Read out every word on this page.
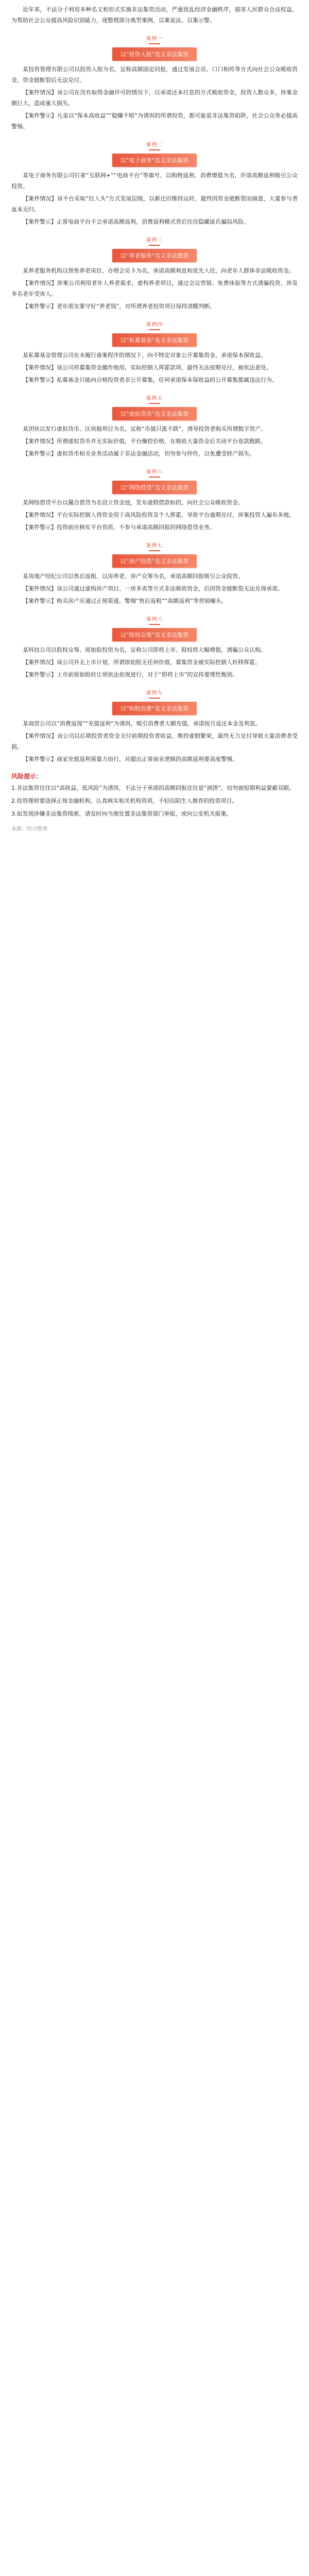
近年来，不法分子利用多种名义和形式实施非法集资活动，严重扰乱经济金融秩序，损害人民群众合法权益。为帮助社会公众提高风险识别能力，现整理部分典型案例，以案说法、以案示警。

案例一
以“投资入股”名义非法集资

某投资管理有限公司以投资入股为名，宣称高额固定回报，通过发展会员、口口相传等方式向社会公众吸收资金，资金链断裂后无法兑付。

【案件情况】该公司在没有取得金融许可的情况下，以承诺还本付息的方式吸收资金，投资人数众多，涉案金额巨大，造成重大损失。

【案件警示】凡是以“保本高收益”“稳赚不赔”为诱饵的所谓投资，都可能是非法集资陷阱，社会公众务必提高警惕。

案例二
以“电子商务”名义非法集资

某电子商务有限公司打着“互联网+”“电商平台”等旗号，以购物返利、消费增值为名，许诺高额返利吸引公众投资。

【案件情况】该平台采取“拉人头”方式发展层级，以新还旧维持运转，最终因资金链断裂而崩盘，大量参与者血本无归。

【案件警示】正常电商平台不会承诺高额返利，消费返利模式背后往往隐藏庞氏骗局风险。

案例三
以“养老服务”名义非法集资

某养老服务机构以预售养老床位、办理会员卡为名，承诺高额利息和优先入住，向老年人群体非法吸收资金。

【案件情况】涉案公司利用老年人养老需求，虚构养老项目，通过会议营销、免费体验等方式诱骗投资，涉及多名老年受害人。

【案件警示】老年朋友要守好“养老钱”，对所谓养老投资项目保持清醒判断。

案例四
以“私募基金”名义非法集资

某私募基金管理公司在未履行备案程序的情况下，向不特定对象公开募集资金，承诺保本保收益。

【案件情况】该公司将募集资金挪作他用，实际控制人挥霍款项，最终无法按期兑付，被依法查处。

【案件警示】私募基金只能向合格投资者非公开募集，任何承诺保本保收益的公开募集都属违法行为。

案例五
以“虚拟货币”名义非法集资

某团伙以发行虚拟货币、区块链项目为名，宣称“币值只涨不跌”，诱导投资者购买所谓数字资产。

【案件情况】所谓虚拟货币并无实际价值，平台操控价格，在吸收大量资金后关闭平台卷款跑路。

【案件警示】虚拟货币相关业务活动属于非法金融活动，切勿参与炒作，以免遭受财产损失。

案例六
以“网络借贷”名义非法集资

某网络借贷平台以撮合借贷为名设立资金池，发布虚假借款标的，向社会公众吸收资金。

【案件情况】平台实际控制人将资金用于高风险投资及个人挥霍，导致平台逾期兑付，涉案投资人遍布多地。

【案件警示】投资前应核实平台资质，不参与承诺高额回报的网络借贷业务。

案例七
以“房产投资”名义非法集资

某房地产经纪公司以售后返租、以房养老、房产众筹为名，承诺高额回报吸引公众投资。

【案件情况】该公司通过虚构房产项目、一房多卖等方式非法吸收资金，后因资金链断裂无法兑现承诺。

【案件警示】购买房产应通过正规渠道，警惕“售后返租”“高额返利”等营销噱头。

案例八
以“股权众筹”名义非法集资

某科技公司以股权众筹、原始股投资为名，宣称公司即将上市、股权将大幅增值，诱骗公众认购。

【案件情况】该公司并无上市计划，所谓原始股无任何价值，募集资金被实际控制人转移挥霍。

【案件警示】上市前原始股转让须依法依规进行，对于“即将上市”的宣传要理性甄别。

案例九
以“购物消费”名义非法集资

某商贸公司以“消费返现”“充值返利”为诱饵，吸引消费者大额充值，承诺按月返还本金及利息。

【案件情况】该公司以后期投资者资金支付前期投资者收益，维持虚假繁荣，最终无力兑付导致大量消费者受损。

【案件警示】商家充值返利需量力而行，对超出正常商业逻辑的高额返利要高度警惕。

风险提示：

1.非法集资往往以“高收益、低风险”为诱饵，不法分子承诺的高额回报往往是“画饼”，切勿被短期利益蒙蔽双眼。

2.投资理财要选择正规金融机构，认真核实相关机构资质，不轻信陌生人推荐的投资项目。

3.如发现涉嫌非法集资线索，请及时向当地处置非法集资部门举报，或向公安机关报案。

来源：综合整理
